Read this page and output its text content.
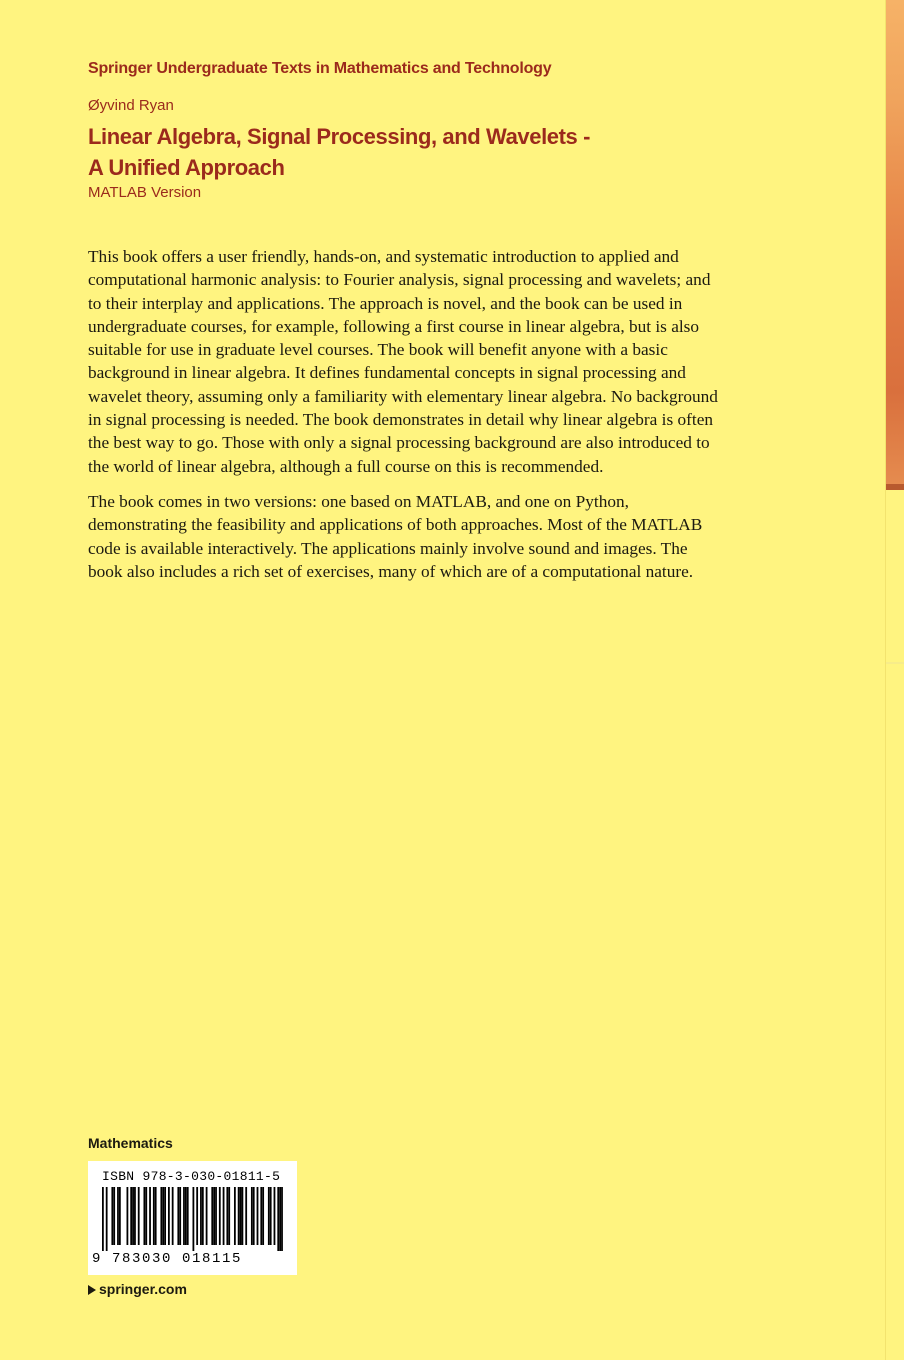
Springer Undergraduate Texts in Mathematics and Technology
Øyvind Ryan
Linear Algebra, Signal Processing, and Wavelets -
A Unified Approach
MATLAB Version

This book offers a user friendly, hands-on, and systematic introduction to applied and computational harmonic analysis: to Fourier analysis, signal processing and wavelets; and to their interplay and applications. The approach is novel, and the book can be used in undergraduate courses, for example, following a first course in linear algebra, but is also suitable for use in graduate level courses. The book will benefit anyone with a basic background in linear algebra. It defines fundamental concepts in signal processing and wavelet theory, assuming only a familiarity with elementary linear algebra. No background in signal processing is needed. The book demonstrates in detail why linear algebra is often the best way to go. Those with only a signal processing background are also introduced to the world of linear algebra, although a full course on this is recommended.

The book comes in two versions: one based on MATLAB, and one on Python, demonstrating the feasibility and applications of both approaches. Most of the MATLAB code is available interactively. The applications mainly involve sound and images. The book also includes a rich set of exercises, many of which are of a computational nature.

Mathematics
ISBN 978-3-030-01811-5
9 783030 018115
springer.com
